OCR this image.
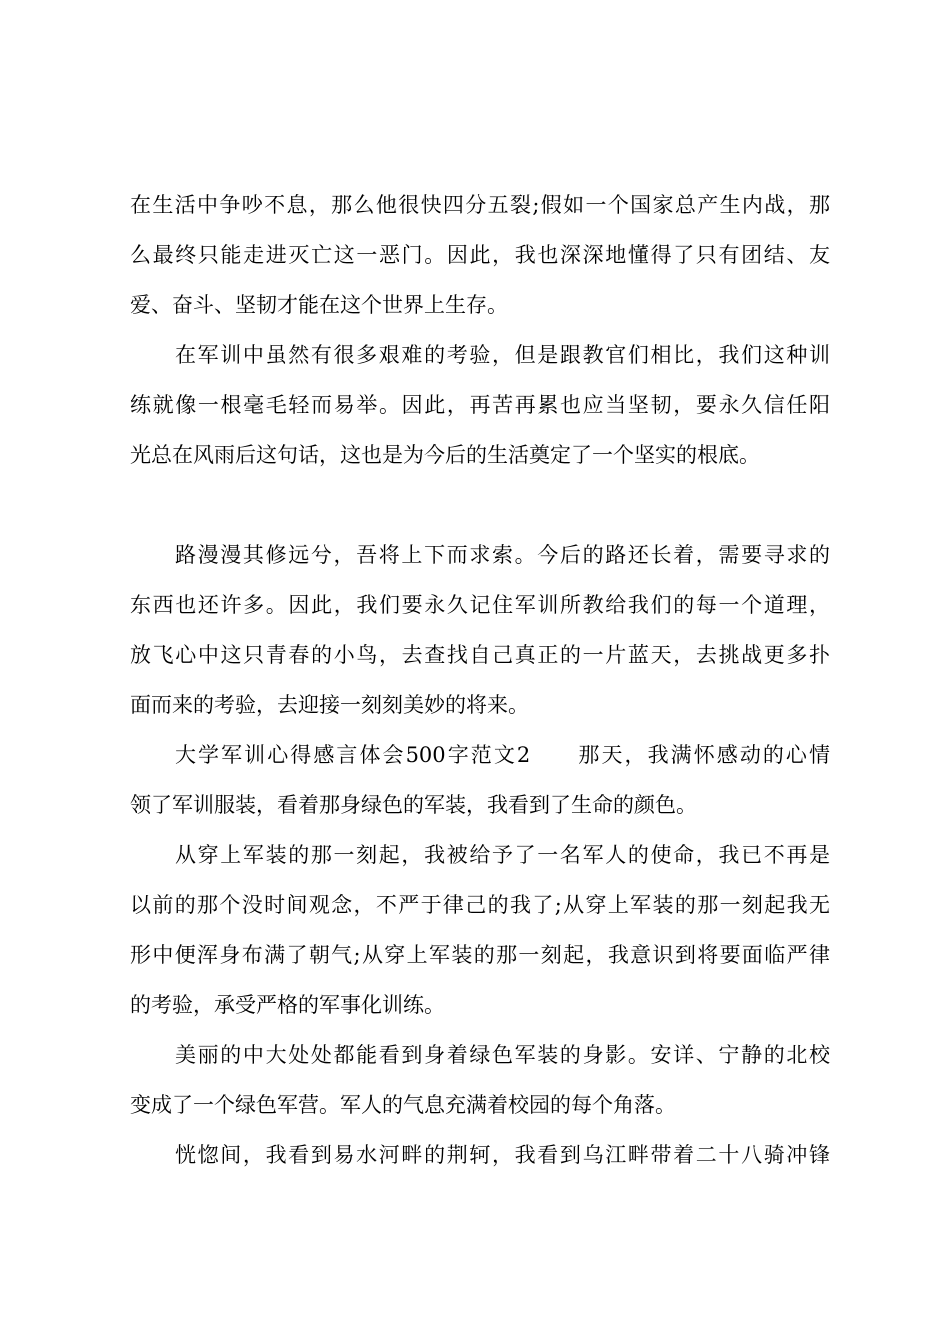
在生活中争吵不息，那么他很快四分五裂;假如一个国家总产生内战，那
么最终只能走进灭亡这一恶门。因此，我也深深地懂得了只有团结、友
爱、奋斗、坚韧才能在这个世界上生存。
在军训中虽然有很多艰难的考验，但是跟教官们相比，我们这种训
练就像一根毫毛轻而易举。因此，再苦再累也应当坚韧，要永久信任阳
光总在风雨后这句话，这也是为今后的生活奠定了一个坚实的根底。
路漫漫其修远兮，吾将上下而求索。今后的路还长着，需要寻求的
东西也还许多。因此，我们要永久记住军训所教给我们的每一个道理，
放飞心中这只青春的小鸟，去查找自己真正的一片蓝天，去挑战更多扑
面而来的考验，去迎接一刻刻美妙的将来。
大学军训心得感言体会500字范文2　　那天，我满怀感动的心情
领了军训服装，看着那身绿色的军装，我看到了生命的颜色。
从穿上军装的那一刻起，我被给予了一名军人的使命，我已不再是
以前的那个没时间观念，不严于律己的我了;从穿上军装的那一刻起我无
形中便浑身布满了朝气;从穿上军装的那一刻起，我意识到将要面临严律
的考验，承受严格的军事化训练。
美丽的中大处处都能看到身着绿色军装的身影。安详、宁静的北校
变成了一个绿色军营。军人的气息充满着校园的每个角落。
恍惚间，我看到易水河畔的荆轲，我看到乌江畔带着二十八骑冲锋
